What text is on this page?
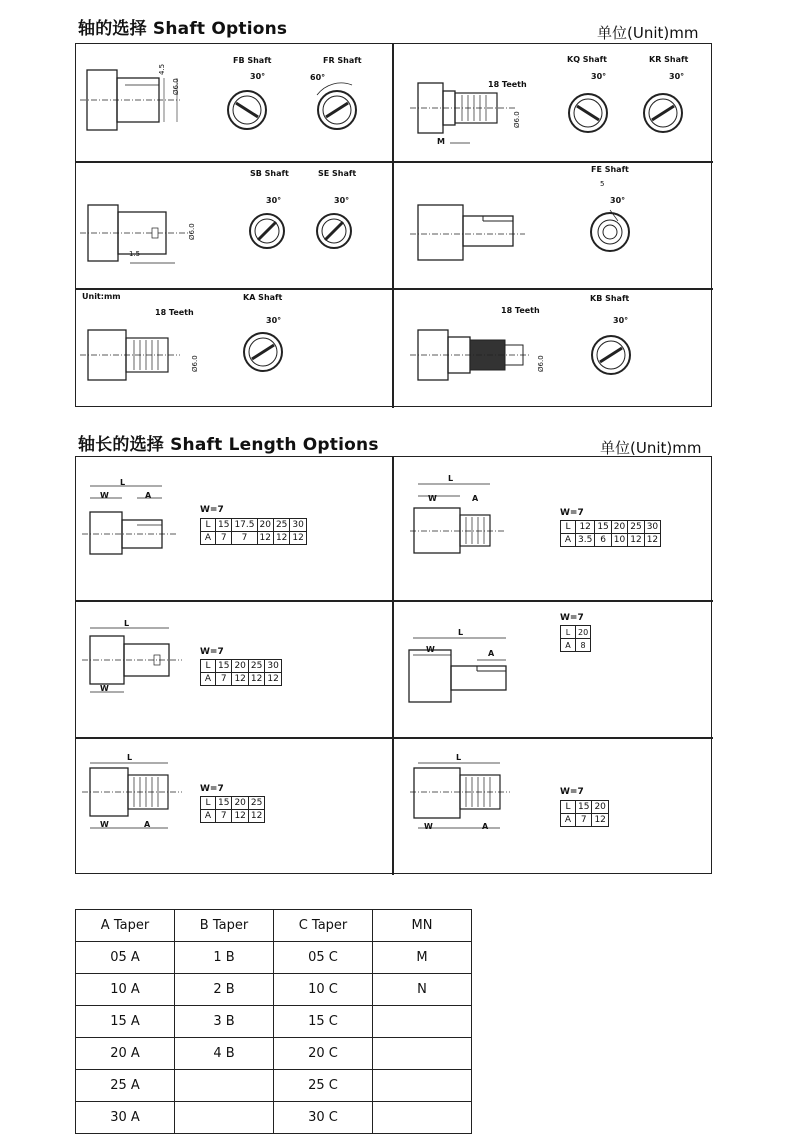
轴的选择 Shaft Options	单位(Unit)mm
4.5
Ø6.0
FB Shaft	FR Shaft
30°	60°
18 Teeth
M
Ø6.0
KQ Shaft	KR Shaft
30°	30°
1.5
Ø6.0
SB Shaft	SE Shaft
30°	30°
FE Shaft
5
30°
Unit:mm
18 Teeth
Ø6.0
KA Shaft
30°
18 Teeth
Ø6.0
KB Shaft
30°
轴长的选择 Shaft Length Options	单位(Unit)mm
L
W	A
W=7
L	15	17.5	20	25	30
A	7	7	12	12	12
L
W	A
W=7
L	12	15	20	25	30
A	3.5	6	10	12	12
L
W
W=7
L	15	20	25	30
A	7	12	12	12
L
W	A
W=7
L	20
A	8
L
W	A
W=7
L	15	20	25
A	7	12	12
L
W	A
W=7
L	15	20
A	7	12
A Taper	B Taper	C Taper	MN
05 A	1 B	05 C	M
10 A	2 B	10 C	N
15 A	3 B	15 C	
20 A	4 B	20 C	
25 A		25 C	
30 A		30 C	
